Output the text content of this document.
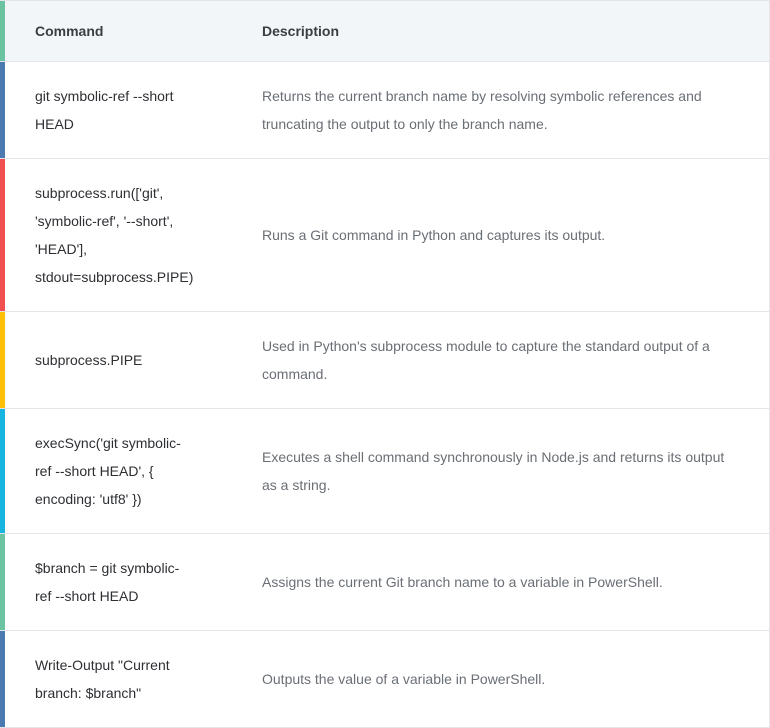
Command	Description
git symbolic-ref --short
HEAD
Returns the current branch name by resolving symbolic references and truncating the output to only the branch name.
subprocess.run(['git',
'symbolic-ref', '--short',
'HEAD'],
stdout=subprocess.PIPE)
Runs a Git command in Python and captures its output.
subprocess.PIPE
Used in Python's subprocess module to capture the standard output of a command.
execSync('git symbolic-
ref --short HEAD', {
encoding: 'utf8' })
Executes a shell command synchronously in Node.js and returns its output as a string.
$branch = git symbolic-
ref --short HEAD
Assigns the current Git branch name to a variable in PowerShell.
Write-Output "Current
branch: $branch"
Outputs the value of a variable in PowerShell.
